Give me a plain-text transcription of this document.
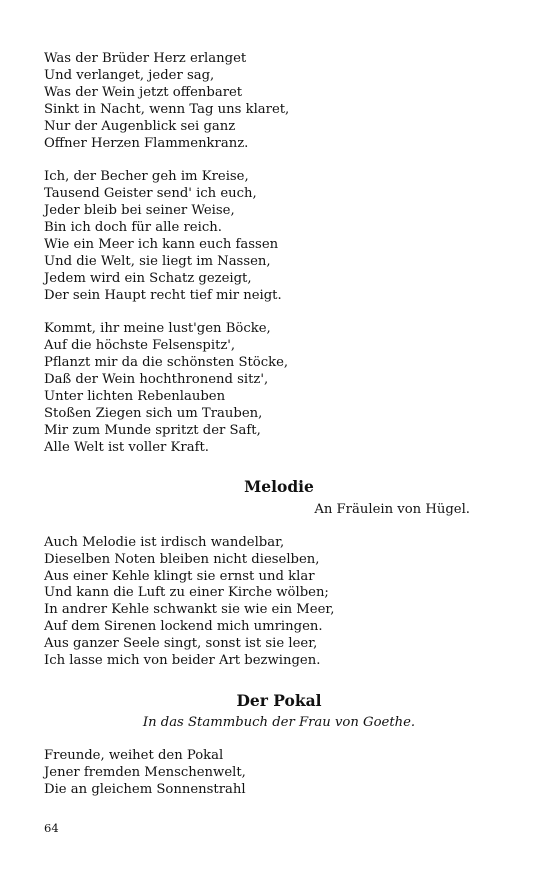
Was der Brüder Herz erlanget
Und verlanget, jeder sag,
Was der Wein jetzt offenbaret
Sinkt in Nacht, wenn Tag uns klaret,
Nur der Augenblick sei ganz
Offner Herzen Flammenkranz.
Ich, der Becher geh im Kreise,
Tausend Geister send' ich euch,
Jeder bleib bei seiner Weise,
Bin ich doch für alle reich.
Wie ein Meer ich kann euch fassen
Und die Welt, sie liegt im Nassen,
Jedem wird ein Schatz gezeigt,
Der sein Haupt recht tief mir neigt.
Kommt, ihr meine lust'gen Böcke,
Auf die höchste Felsenspitz',
Pflanzt mir da die schönsten Stöcke,
Daß der Wein hochthronend sitz',
Unter lichten Rebenlauben
Stoßen Ziegen sich um Trauben,
Mir zum Munde spritzt der Saft,
Alle Welt ist voller Kraft.
Melodie
An Fräulein von Hügel.
Auch Melodie ist irdisch wandelbar,
Dieselben Noten bleiben nicht dieselben,
Aus einer Kehle klingt sie ernst und klar
Und kann die Luft zu einer Kirche wölben;
In andrer Kehle schwankt sie wie ein Meer,
Auf dem Sirenen lockend mich umringen.
Aus ganzer Seele singt, sonst ist sie leer,
Ich lasse mich von beider Art bezwingen.
Der Pokal
In das Stammbuch der Frau von Goethe.
Freunde, weihet den Pokal
Jener fremden Menschenwelt,
Die an gleichem Sonnenstrahl
64
